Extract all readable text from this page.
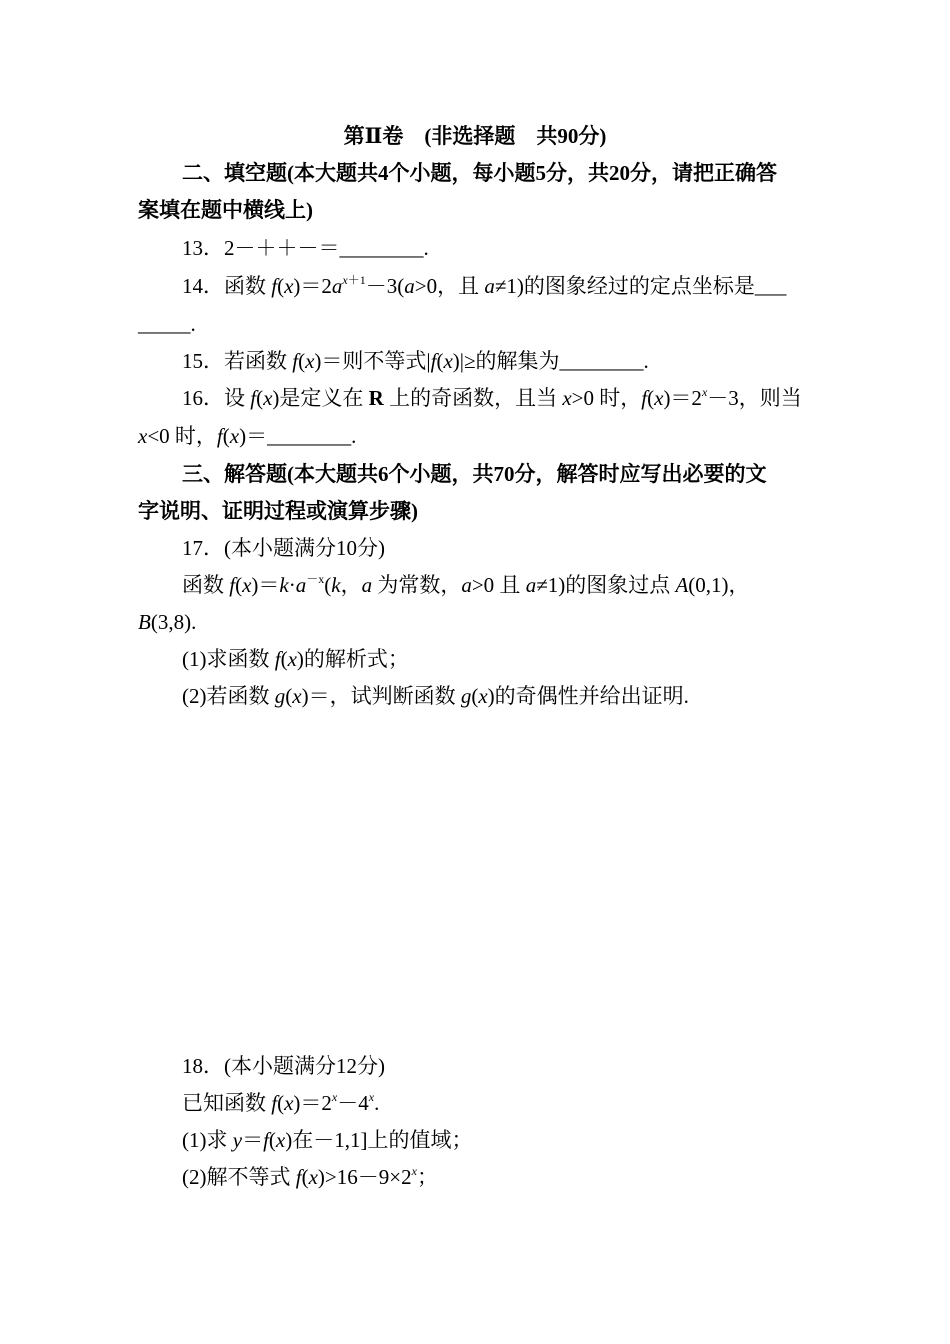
第Ⅱ卷　(非选择题　共90分)
二、填空题(本大题共4个小题，每小题5分，共20分，请把正确答
案填在题中横线上)
13．2－＋＋－＝________.
14．函数 $f(x)=2a^{x+1}-3(a>0$，且 a≠1)的图象经过的定点坐标是___
_____.
15．若函数 f(x)＝则不等式|f(x)|≥的解集为________.
16．设 f(x)是定义在 R 上的奇函数，且当 x>0 时，$f(x)=2^x-3$，则当
x<0 时，f(x)＝________.
三、解答题(本大题共6个小题，共70分，解答时应写出必要的文
字说明、证明过程或演算步骤)
17．(本小题满分10分)
函数 $f(x)=k\cdot a^{-x}(k$，a 为常数，a>0 且 a≠1)的图象过点 A(0,1)，
B(3,8).
(1)求函数 f(x)的解析式；
(2)若函数 g(x)＝，试判断函数 g(x)的奇偶性并给出证明.
18．(本小题满分12分)
已知函数 $f(x)=2^x-4^x$.
(1)求 y＝f(x)在－1,1]上的值域；
(2)解不等式 $f(x)>16-9\times 2^x$；
